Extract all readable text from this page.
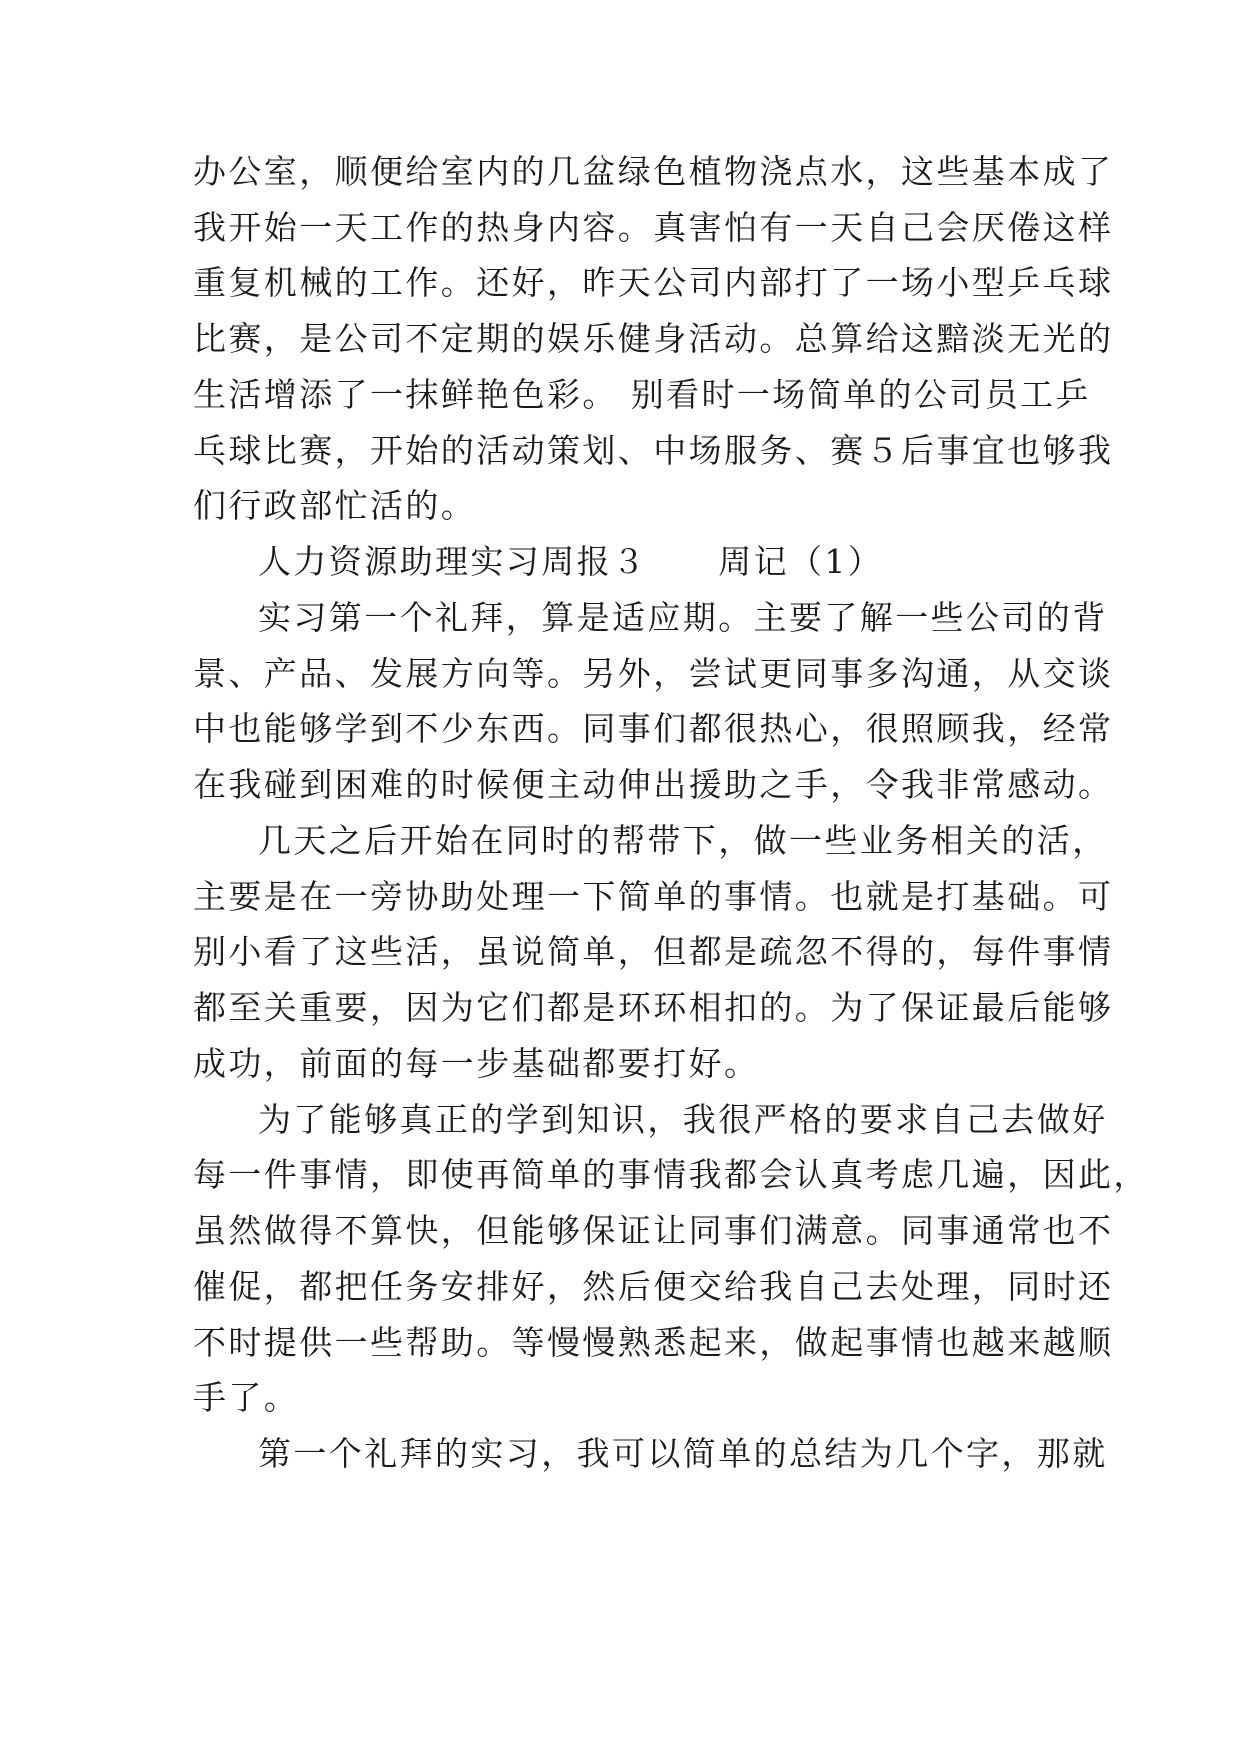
办公室，顺便给室内的几盆绿色植物浇点水，这些基本成了
我开始一天工作的热身内容。真害怕有一天自己会厌倦这样
重复机械的工作。还好，昨天公司内部打了一场小型乒乓球
比赛，是公司不定期的娱乐健身活动。总算给这黯淡无光的
生活增添了一抹鲜艳色彩。 别看时一场简单的公司员工乒
乓球比赛，开始的活动策划、中场服务、赛５后事宜也够我
们行政部忙活的。
人力资源助理实习周报３　　周记（1）
实习第一个礼拜，算是适应期。主要了解一些公司的背
景、产品、发展方向等。另外，尝试更同事多沟通，从交谈
中也能够学到不少东西。同事们都很热心，很照顾我，经常
在我碰到困难的时候便主动伸出援助之手，令我非常感动。
几天之后开始在同时的帮带下，做一些业务相关的活，
主要是在一旁协助处理一下简单的事情。也就是打基础。可
别小看了这些活，虽说简单，但都是疏忽不得的，每件事情
都至关重要，因为它们都是环环相扣的。为了保证最后能够
成功，前面的每一步基础都要打好。
为了能够真正的学到知识，我很严格的要求自己去做好
每一件事情，即使再简单的事情我都会认真考虑几遍，因此，
虽然做得不算快，但能够保证让同事们满意。同事通常也不
催促，都把任务安排好，然后便交给我自己去处理，同时还
不时提供一些帮助。等慢慢熟悉起来，做起事情也越来越顺
手了。
第一个礼拜的实习，我可以简单的总结为几个字，那就
